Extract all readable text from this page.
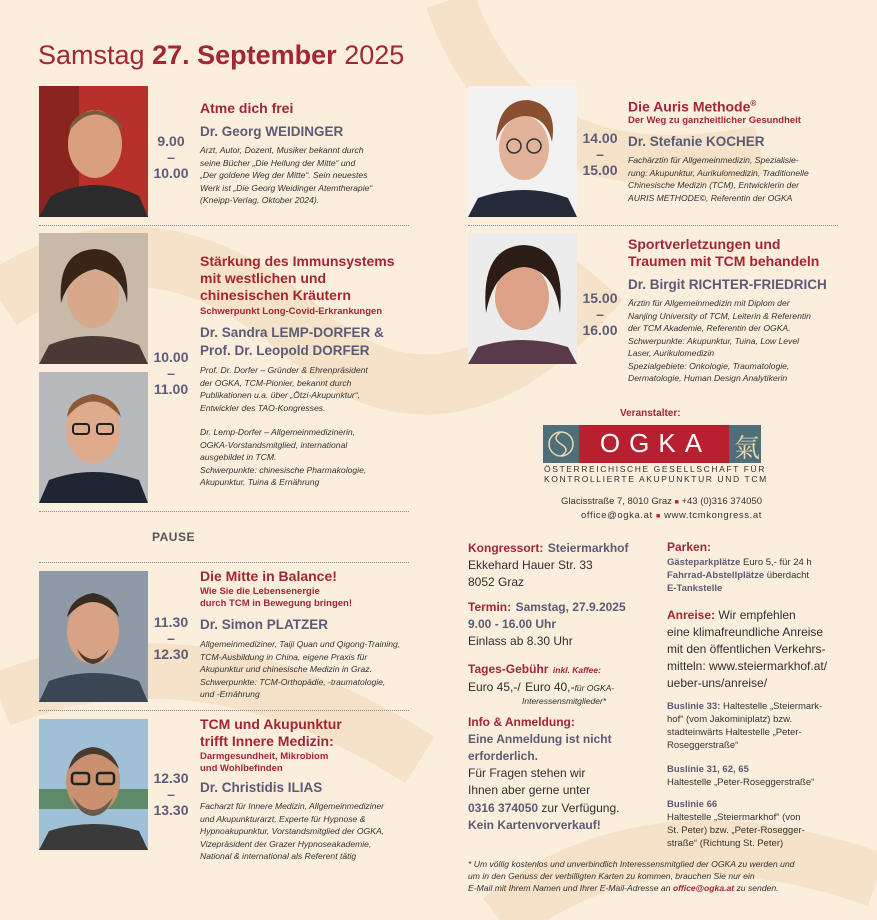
Samstag 27. September 2025
9.00
–
10.00
Atme dich frei
Dr. Georg WEIDINGER
Arzt, Autor, Dozent, Musiker bekannt durch
seine Bücher „Die Heilung der Mitte“ und
„Der goldene Weg der Mitte“. Sein neuestes
Werk ist „Die Georg Weidinger Atemtherapie“
(Kneipp-Verlag, Oktober 2024).
10.00
–
11.00
Stärkung des Immunsystems
mit westlichen und
chinesischen Kräutern
Schwerpunkt Long-Covid-Erkrankungen
Dr. Sandra LEMP-DORFER &
Prof. Dr. Leopold DORFER
Prof. Dr. Dorfer – Gründer & Ehrenpräsident
der OGKA, TCM-Pionier, bekannt durch
Publikationen u.a. über „Ötzi-Akupunktur“,
Entwickler des TAO-Kongresses.
Dr. Lemp-Dorfer – Allgemeinmedizinerin,
OGKA-Vorstandsmitglied, international
ausgebildet in TCM.
Schwerpunkte: chinesische Pharmakologie,
Akupunktur, Tuina & Ernährung
PAUSE
11.30
–
12.30
Die Mitte in Balance!
Wie Sie die Lebensenergie
durch TCM in Bewegung bringen!
Dr. Simon PLATZER
Allgemeinmediziner, Taiji Quan und Qigong-Training,
TCM-Ausbildung in China, eigene Praxis für
Akupunktur und chinesische Medizin in Graz.
Schwerpunkte: TCM-Orthopädie, -traumatologie,
und -Ernährung
12.30
–
13.30
TCM und Akupunktur
trifft Innere Medizin:
Darmgesundheit, Mikrobiom
und Wohlbefinden
Dr. Christidis ILIAS
Facharzt für Innere Medizin, Allgemeinmediziner
und Akupunkturarzt, Experte für Hypnose &
Hypnoakupunktur, Vorstandsmitglied der OGKA,
Vizepräsident der Grazer Hypnoseakademie,
National & international als Referent tätig
14.00
–
15.00
Die Auris Methode®
Der Weg zu ganzheitlicher Gesundheit
Dr. Stefanie KOCHER
Fachärztin für Allgemeinmedizin, Spezialisie-
rung: Akupunktur, Aurikulomedizin, Traditionelle
Chinesische Medizin (TCM), Entwicklerin der
AURIS METHODE©, Referentin der OGKA
15.00
–
16.00
Sportverletzungen und
Traumen mit TCM behandeln
Dr. Birgit RICHTER-FRIEDRICH
Ärztin für Allgemeinmedizin mit Diplom der
Nanjing University of TCM, Leiterin & Referentin
der TCM Akademie, Referentin der OGKA.
Schwerpunkte: Akupunktur, Tuina, Low Level
Laser, Aurikulomedizin
Spezialgebiete: Onkologie, Traumatologie,
Dermatologie, Human Design Analytikerin
Veranstalter:
OGKA 氣
ÖSTERREICHISCHE GESELLSCHAFT FÜR
KONTROLLIERTE AKUPUNKTUR UND TCM
Glacisstraße 7, 8010 Graz ■ +43 (0)316 374050
office@ogka.at ■ www.tcmkongress.at
Kongressort: Steiermarkhof
Ekkehard Hauer Str. 33
8052 Graz
Termin: Samstag, 27.9.2025
9.00 - 16.00 Uhr
Einlass ab 8.30 Uhr
Tages-Gebühr inkl. Kaffee:
Euro 45,-/ Euro 40,-für OGKA-
Interessensmitglieder*
Info & Anmeldung:
Eine Anmeldung ist nicht
erforderlich.
Für Fragen stehen wir
Ihnen aber gerne unter
0316 374050 zur Verfügung.
Kein Kartenvorverkauf!
Parken:
Gästeparkplätze Euro 5,- für 24 h
Fahrrad-Abstellplätze überdacht
E-Tankstelle
Anreise: Wir empfehlen
eine klimafreundliche Anreise
mit den öffentlichen Verkehrs-
mitteln: www.steiermarkhof.at/
ueber-uns/anreise/
Buslinie 33: Haltestelle „Steiermark-
hof“ (vom Jakominiplatz) bzw.
stadteinwärts Haltestelle „Peter-
Roseggerstraße“
Buslinie 31, 62, 65
Haltestelle „Peter-Roseggerstraße“
Buslinie 66
Haltestelle „Steiermarkhof“ (von
St. Peter) bzw. „Peter-Rosegger-
straße“ (Richtung St. Peter)
* Um völlig kostenlos und unverbindlich Interessensmitglied der OGKA zu werden und
um in den Genuss der verbilligten Karten zu kommen, brauchen Sie nur ein
E-Mail mit Ihrem Namen und Ihrer E-Mail-Adresse an office@ogka.at zu senden.
